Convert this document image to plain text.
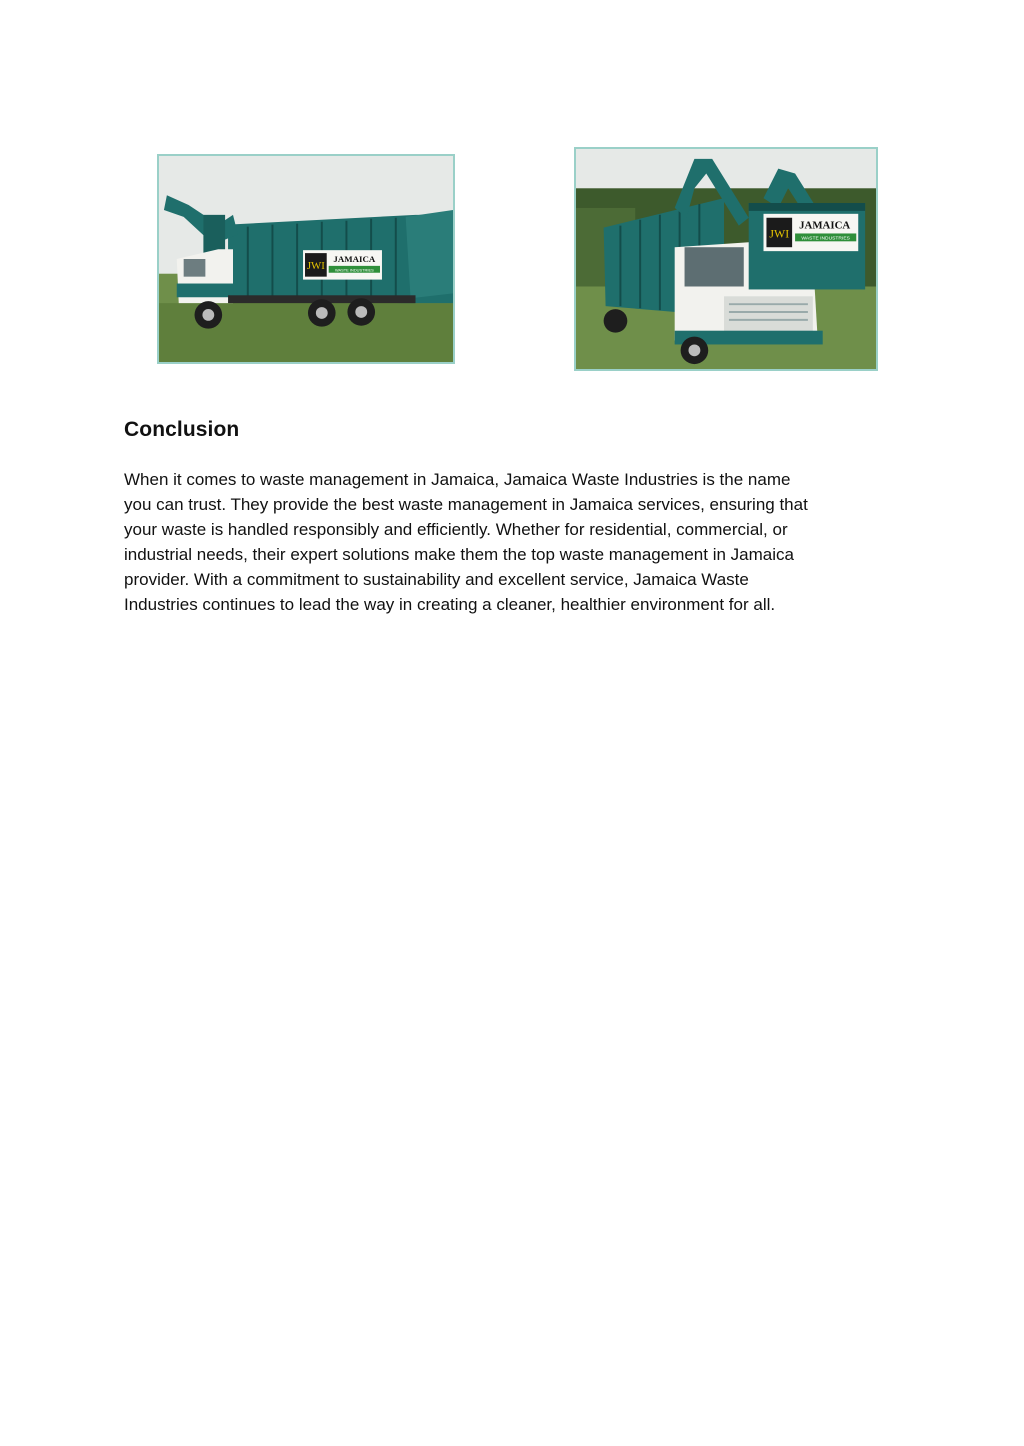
JWI
JAMAICA
WASTE INDUSTRIES
JWI
JAMAICA
WASTE INDUSTRIES
Conclusion

When it comes to waste management in Jamaica, Jamaica Waste Industries is the name
you can trust. They provide the best waste management in Jamaica services, ensuring that
your waste is handled responsibly and efficiently. Whether for residential, commercial, or
industrial needs, their expert solutions make them the top waste management in Jamaica
provider. With a commitment to sustainability and excellent service, Jamaica Waste
Industries continues to lead the way in creating a cleaner, healthier environment for all.
